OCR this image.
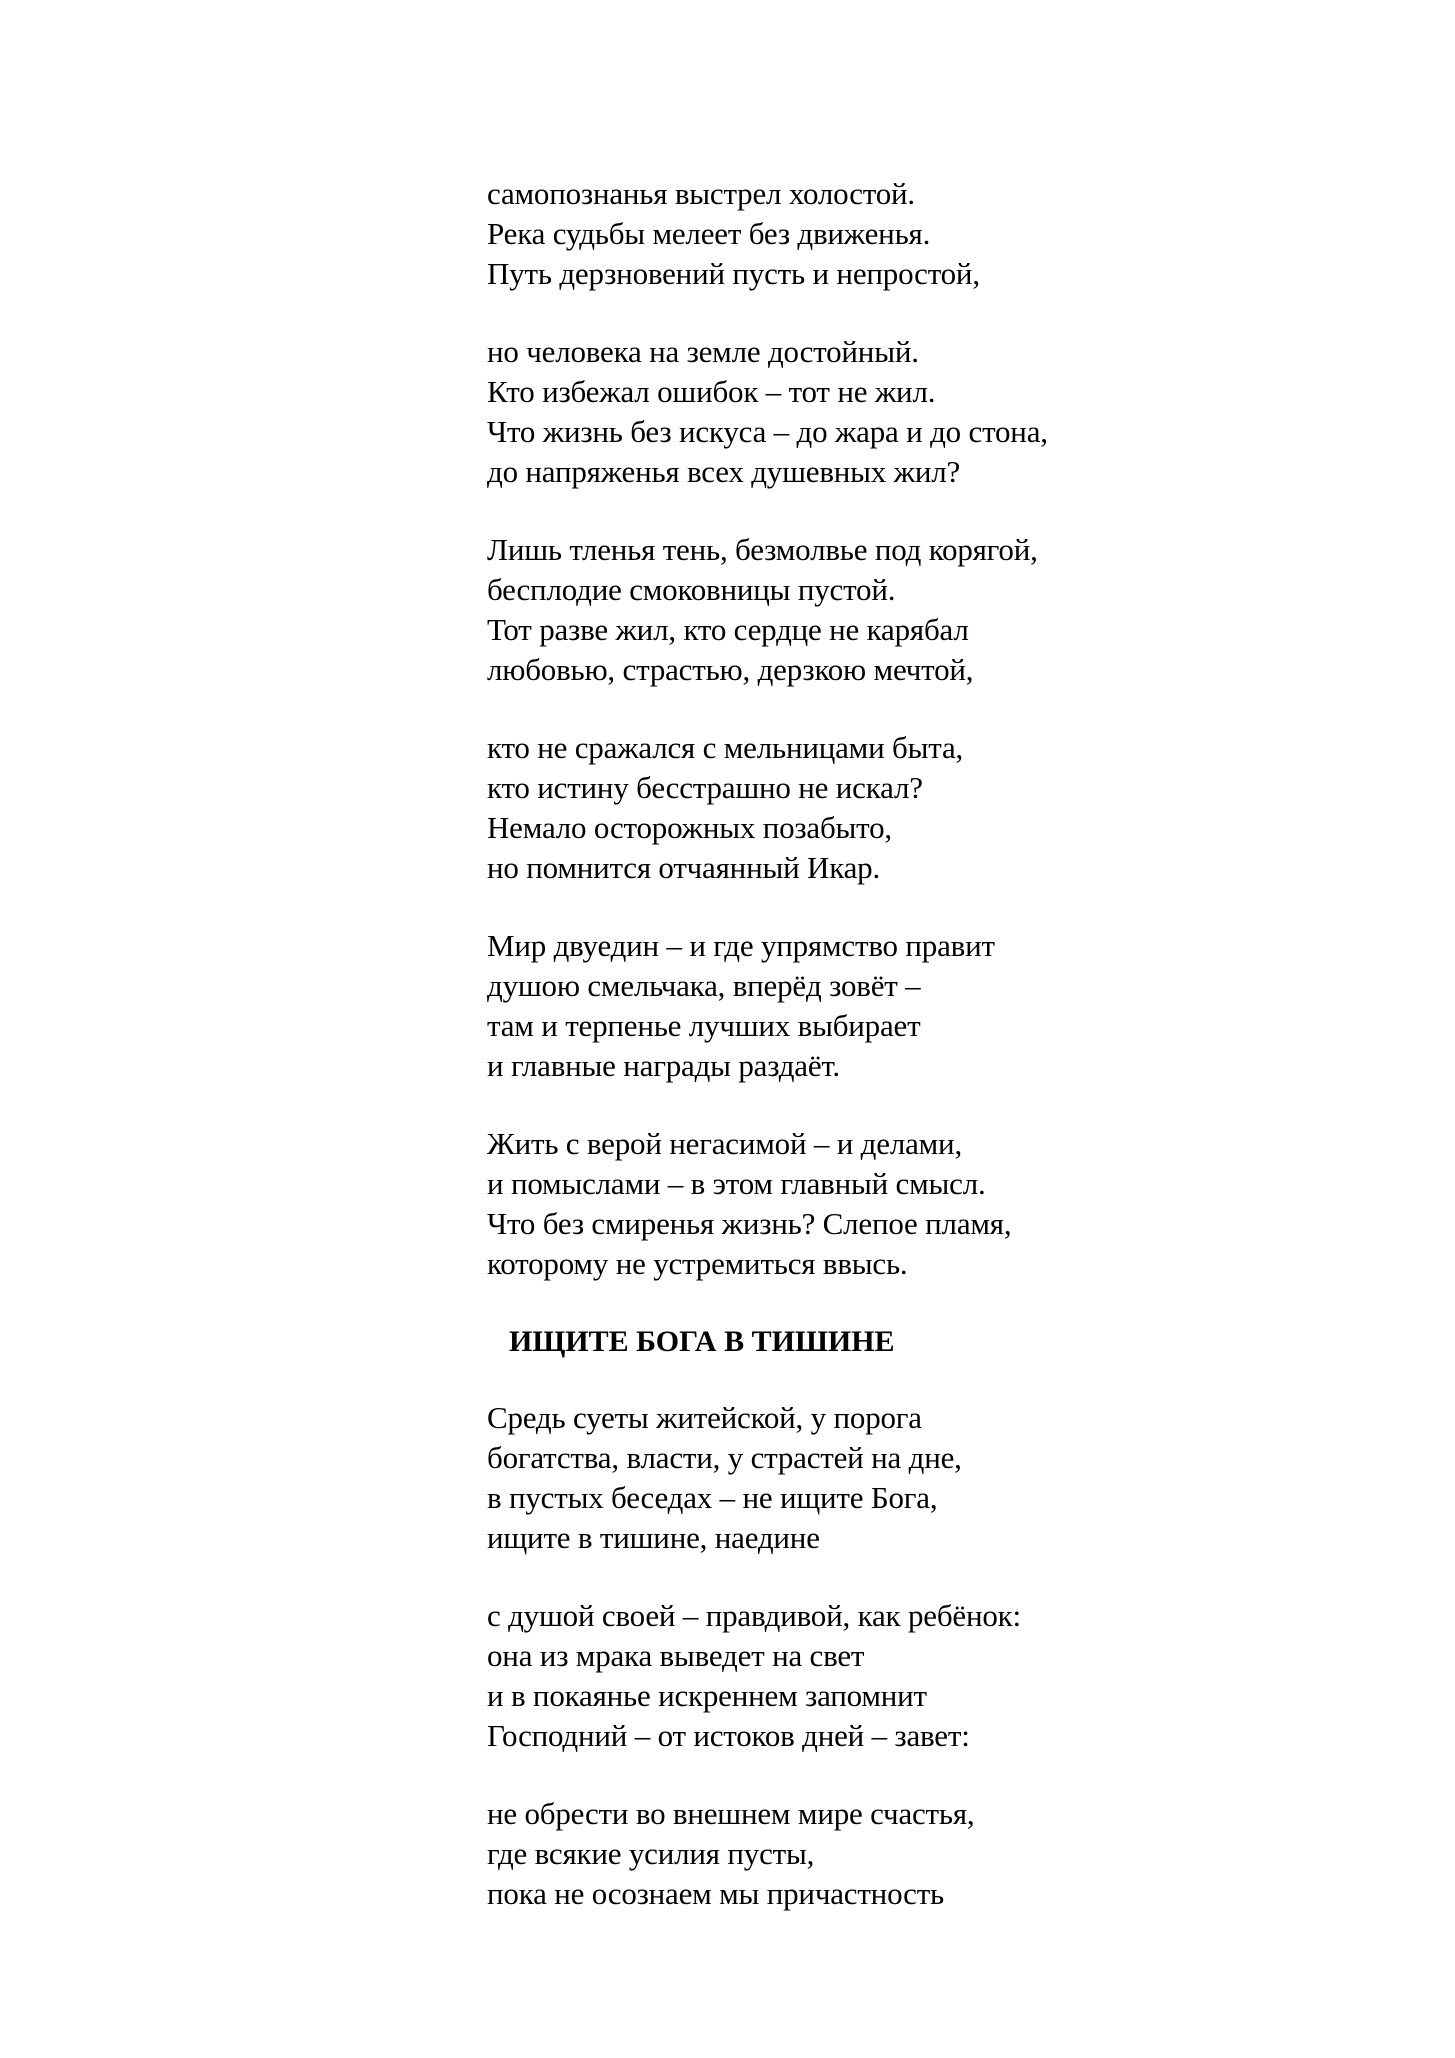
самопознанья выстрел холостой.
Река судьбы мелеет без движенья.
Путь дерзновений пусть и непростой,
но человека на земле достойный.
Кто избежал ошибок – тот не жил.
Что жизнь без искуса – до жара и до стона,
до напряженья всех душевных жил?
Лишь тленья тень, безмолвье под корягой,
бесплодие смоковницы пустой.
Тот разве жил, кто сердце не карябал
любовью, страстью, дерзкою мечтой,
кто не сражался с мельницами быта,
кто истину бесстрашно не искал?
Немало осторожных позабыто,
но помнится отчаянный Икар.
Мир двуедин – и где упрямство правит
душою смельчака, вперёд зовёт –
там и терпенье лучших выбирает
и главные награды раздаёт.
Жить с верой негасимой – и делами,
и помыслами – в этом главный смысл.
Что без смиренья жизнь? Слепое пламя,
которому не устремиться ввысь.
ИЩИТЕ БОГА В ТИШИНЕ
Средь суеты житейской, у порога
богатства, власти, у страстей на дне,
в пустых беседах – не ищите Бога,
ищите в тишине, наедине
с душой своей – правдивой, как ребёнок:
она из мрака выведет на свет
и в покаянье искреннем запомнит
Господний – от истоков дней – завет:
не обрести во внешнем мире счастья,
где всякие усилия пусты,
пока не осознаем мы причастность
